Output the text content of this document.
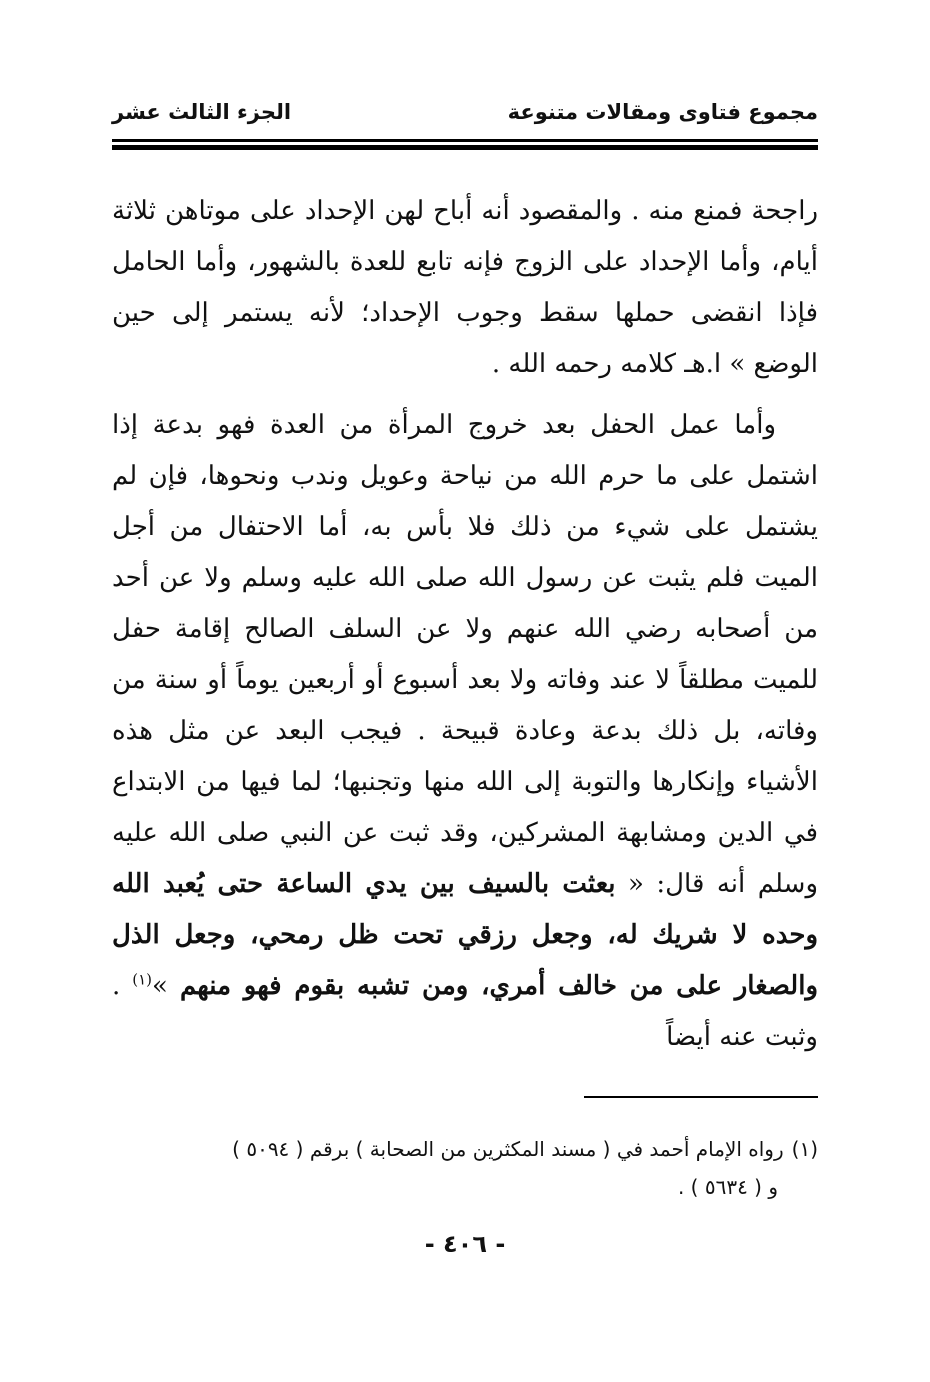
مجموع فتاوى ومقالات متنوعة
الجزء الثالث عشر

راجحة فمنع منه . والمقصود أنه أباح لهن الإحداد على موتاهن ثلاثة أيام، وأما الإحداد على الزوج فإنه تابع للعدة بالشهور، وأما الحامل فإذا انقضى حملها سقط وجوب الإحداد؛ لأنه يستمر إلى حين الوضع » ا.هـ كلامه رحمه الله .

وأما عمل الحفل بعد خروج المرأة من العدة فهو بدعة إذا اشتمل على ما حرم الله من نياحة وعويل وندب ونحوها، فإن لم يشتمل على شيء من ذلك فلا بأس به، أما الاحتفال من أجل الميت فلم يثبت عن رسول الله صلى الله عليه وسلم ولا عن أحد من أصحابه رضي الله عنهم ولا عن السلف الصالح إقامة حفل للميت مطلقاً لا عند وفاته ولا بعد أسبوع أو أربعين يوماً أو سنة من وفاته، بل ذلك بدعة وعادة قبيحة . فيجب البعد عن مثل هذه الأشياء وإنكارها والتوبة إلى الله منها وتجنبها؛ لما فيها من الابتداع في الدين ومشابهة المشركين، وقد ثبت عن النبي صلى الله عليه وسلم أنه قال: « بعثت بالسيف بين يدي الساعة حتى يُعبد الله وحده لا شريك له، وجعل رزقي تحت ظل رمحي، وجعل الذل والصغار على من خالف أمري، ومن تشبه بقوم فهو منهم »$^{(١)}$ . وثبت عنه أيضاً

(١)رواه الإمام أحمد في ( مسند المكثرين من الصحابة ) برقم ( ٥٠٩٤ )
و ( ٥٦٣٤ ) .
- ٤٠٦ -
